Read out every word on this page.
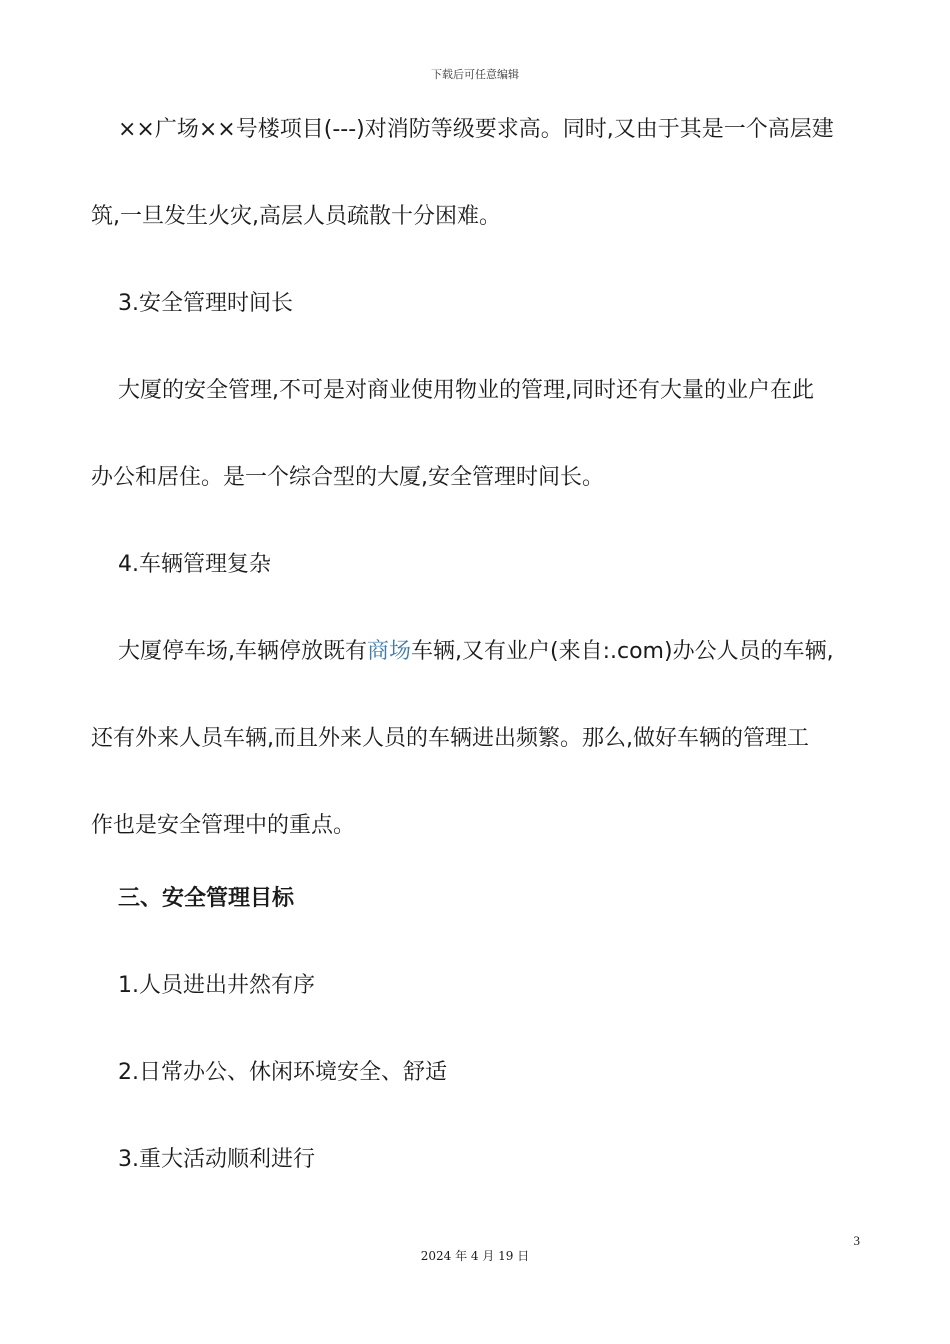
下载后可任意编辑
××广场××号楼项目(---)对消防等级要求高。同时,又由于其是一个高层建
筑,一旦发生火灾,高层人员疏散十分困难。
3.安全管理时间长
大厦的安全管理,不可是对商业使用物业的管理,同时还有大量的业户在此
办公和居住。是一个综合型的大厦,安全管理时间长。
4.车辆管理复杂
大厦停车场,车辆停放既有商场车辆,又有业户(来自:.com)办公人员的车辆,
还有外来人员车辆,而且外来人员的车辆进出频繁。那么,做好车辆的管理工
作也是安全管理中的重点。
三、安全管理目标
1.人员进出井然有序
2.日常办公、休闲环境安全、舒适
3.重大活动顺利进行
3
2024 年 4 月 19 日
